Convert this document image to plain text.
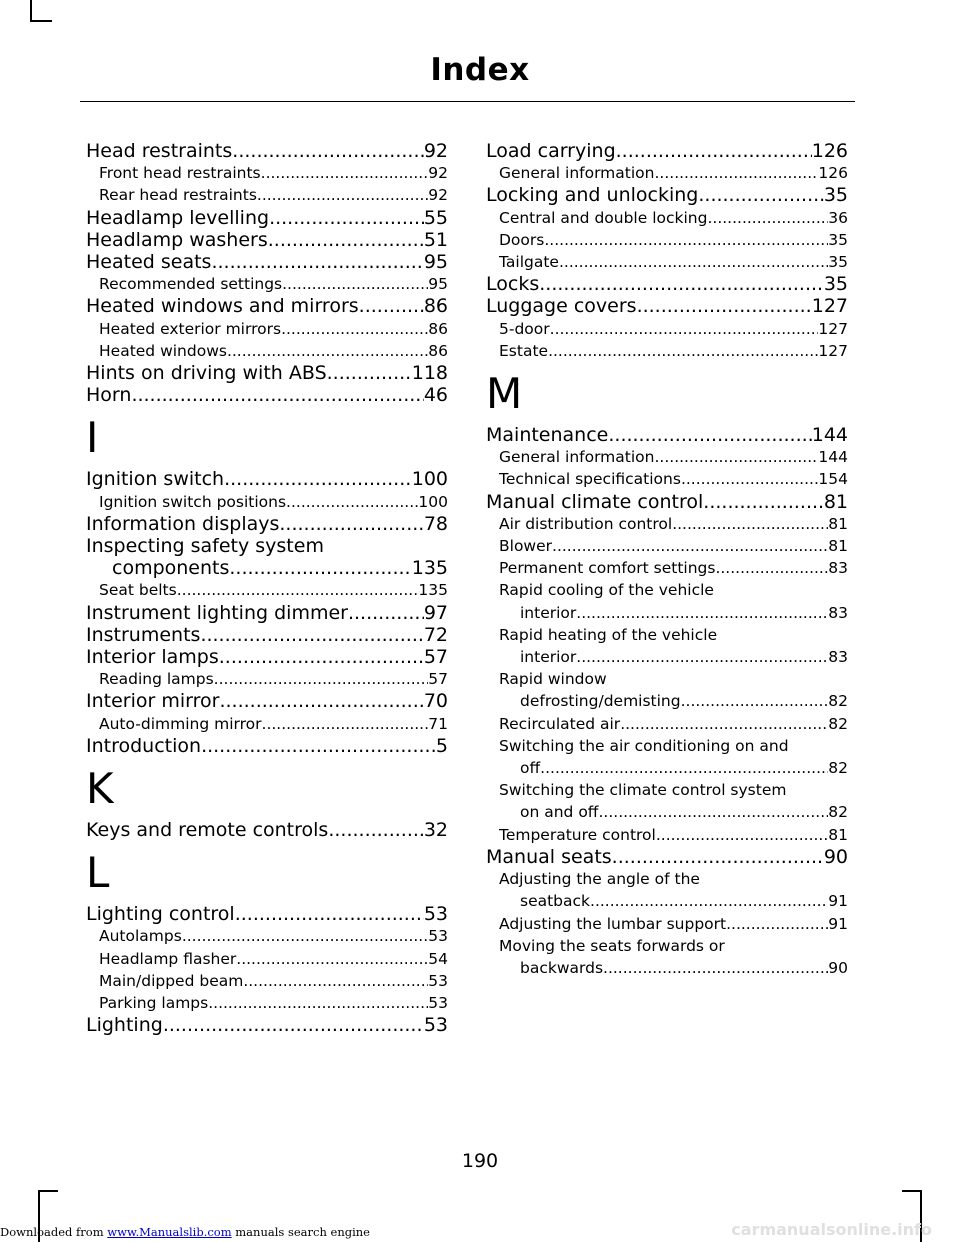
Index
Head restraints .....	92
Front head restraints .....	92
Rear head restraints .....	92
Headlamp levelling .....	55
Headlamp washers .....	51
Heated seats .....	95
Recommended settings .....	95
Heated windows and mirrors .....	86
Heated exterior mirrors .....	86
Heated windows .....	86
Hints on driving with ABS .....	118
Horn .....	46
I
Ignition switch .....	100
Ignition switch positions .....	100
Information displays .....	78
Inspecting safety system
components .....	135
Seat belts .....	135
Instrument lighting dimmer .....	97
Instruments .....	72
Interior lamps .....	57
Reading lamps .....	57
Interior mirror .....	70
Auto-dimming mirror .....	71
Introduction .....	5
K
Keys and remote controls .....	32
L
Lighting control .....	53
Autolamps .....	53
Headlamp flasher .....	54
Main/dipped beam .....	53
Parking lamps .....	53
Lighting .....	53
Load carrying .....	126
General information .....	126
Locking and unlocking .....	35
Central and double locking .....	36
Doors .....	35
Tailgate .....	35
Locks .....	35
Luggage covers .....	127
5-door .....	127
Estate .....	127
M
Maintenance .....	144
General information .....	144
Technical specifications .....	154
Manual climate control .....	81
Air distribution control .....	81
Blower .....	81
Permanent comfort settings .....	83
Rapid cooling of the vehicle
interior .....	83
Rapid heating of the vehicle
interior .....	83
Rapid window
defrosting/demisting .....	82
Recirculated air .....	82
Switching the air conditioning on and
off .....	82
Switching the climate control system
on and off .....	82
Temperature control .....	81
Manual seats .....	90
Adjusting the angle of the
seatback .....	91
Adjusting the lumbar support .....	91
Moving the seats forwards or
backwards .....	90
190
Downloaded from www.Manualslib.com manuals search engine	carmanualsonline.info
